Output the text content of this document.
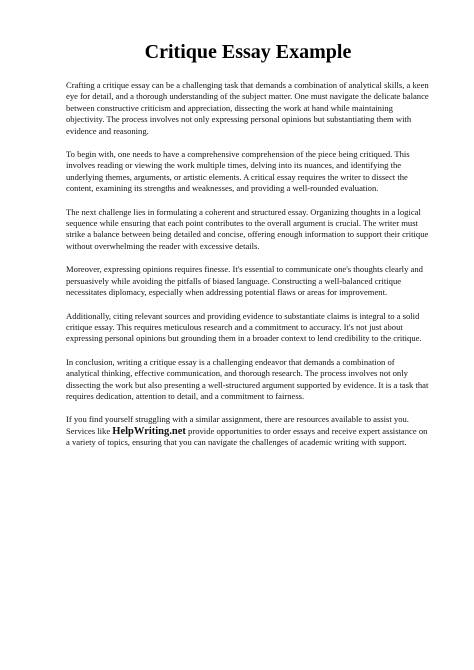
Critique Essay Example

Crafting a critique essay can be a challenging task that demands a combination of analytical skills, a keen eye for detail, and a thorough understanding of the subject matter. One must navigate the delicate balance between constructive criticism and appreciation, dissecting the work at hand while maintaining objectivity. The process involves not only expressing personal opinions but substantiating them with evidence and reasoning.

To begin with, one needs to have a comprehensive comprehension of the piece being critiqued. This involves reading or viewing the work multiple times, delving into its nuances, and identifying the underlying themes, arguments, or artistic elements. A critical essay requires the writer to dissect the content, examining its strengths and weaknesses, and providing a well-rounded evaluation.

The next challenge lies in formulating a coherent and structured essay. Organizing thoughts in a logical sequence while ensuring that each point contributes to the overall argument is crucial. The writer must strike a balance between being detailed and concise, offering enough information to support their critique without overwhelming the reader with excessive details.

Moreover, expressing opinions requires finesse. It's essential to communicate one's thoughts clearly and persuasively while avoiding the pitfalls of biased language. Constructing a well-balanced critique necessitates diplomacy, especially when addressing potential flaws or areas for improvement.

Additionally, citing relevant sources and providing evidence to substantiate claims is integral to a solid critique essay. This requires meticulous research and a commitment to accuracy. It's not just about expressing personal opinions but grounding them in a broader context to lend credibility to the critique.

In conclusion, writing a critique essay is a challenging endeavor that demands a combination of analytical thinking, effective communication, and thorough research. The process involves not only dissecting the work but also presenting a well-structured argument supported by evidence. It is a task that requires dedication, attention to detail, and a commitment to fairness.

If you find yourself struggling with a similar assignment, there are resources available to assist you. Services like HelpWriting.net provide opportunities to order essays and receive expert assistance on a variety of topics, ensuring that you can navigate the challenges of academic writing with support.
